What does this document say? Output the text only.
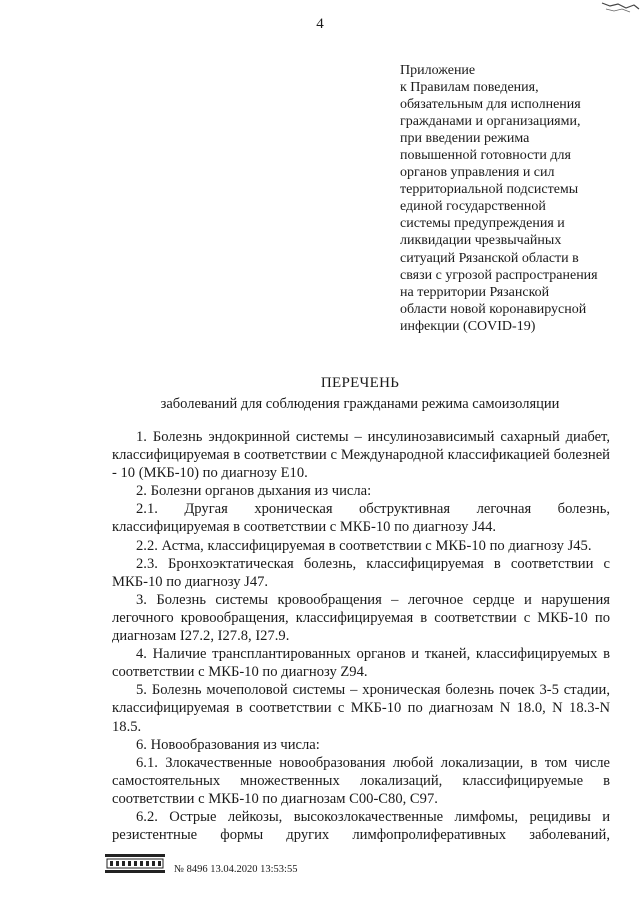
4
Приложение
к Правилам поведения,
обязательным для исполнения
гражданами и организациями,
при введении режима
повышенной готовности для
органов управления и сил
территориальной подсистемы
единой государственной
системы предупреждения и
ликвидации чрезвычайных
ситуаций Рязанской области в
связи с угрозой распространения
на территории Рязанской
области новой коронавирусной
инфекции (COVID-19)
ПЕРЕЧЕНЬ
заболеваний для соблюдения гражданами режима самоизоляции

1. Болезнь эндокринной системы – инсулинозависимый сахарный диабет, классифицируемая в соответствии с Международной классификацией болезней - 10 (МКБ-10) по диагнозу Е10.

2. Болезни органов дыхания из числа:

2.1. Другая хроническая обструктивная легочная болезнь, классифицируемая в соответствии с МКБ-10 по диагнозу J44.

2.2. Астма, классифицируемая в соответствии с МКБ-10 по диагнозу J45.

2.3. Бронхоэктатическая болезнь, классифицируемая в соответствии с МКБ-10 по диагнозу J47.

3. Болезнь системы кровообращения – легочное сердце и нарушения легочного кровообращения, классифицируемая в соответствии с МКБ-10 по диагнозам I27.2, I27.8, I27.9.

4. Наличие трансплантированных органов и тканей, классифицируемых в соответствии с МКБ-10 по диагнозу Z94.

5. Болезнь мочеполовой системы – хроническая болезнь почек 3-5 стадии, классифицируемая в соответствии с МКБ-10 по диагнозам N 18.0, N 18.3-N 18.5.

6. Новообразования из числа:

6.1. Злокачественные новообразования любой локализации, в том числе самостоятельных множественных локализаций, классифицируемые в соответствии с МКБ-10 по диагнозам С00-С80, С97.

6.2. Острые лейкозы, высокозлокачественные лимфомы, рецидивы и резистентные формы других лимфопролиферативных заболеваний,

№ 8496 13.04.2020 13:53:55
